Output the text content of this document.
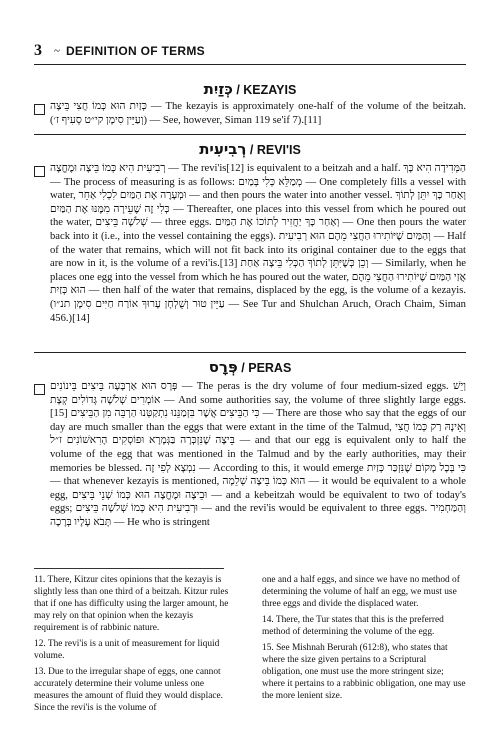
3 ~ DEFINITION OF TERMS
כְּזַיִת / KEZAYIS

כְּזַיִת הוּא כְּמוֹ חֲצִי בֵּיצָה — The kezayis is approximately one-half of the volume of the beitzah. (וְעַיֵּין סִימָן קי״ט סְעִיף ז׳) — See, however, Siman 119 se'if 7).[11]

רְבִיעִית / REVI'IS

רְבִיעִית הִיא כְּמוֹ בֵּיצָה וּמֶחֱצָה — The revi'is[12] is equivalent to a beitzah and a half. הַמְּדִידָה הִיא כָּךְ — The process of measuring is as follows: מְמַלֵּא כְּלִי בְּמַיִם — One completely fills a vessel with water, וּמְעָרֶה אֶת הַמַּיִם לִכְלִי אַחֵר — and then pours the water into another vessel. וְאַחַר כָּךְ יִתֵּן לְתוֹךְ כְּלִי זֶה שֶׁעֵירָה מִמֶּנּוּ אֶת הַמַּיִם — Thereafter, one places into this vessel from which he poured out the water, שְׁלֹשָׁה בֵּיצִים — three eggs. וְאַחַר כָּךְ יַחֲזִיר לְתוֹכוֹ אֶת הַמַּיִם — One then pours the water back into it (i.e., into the vessel containing the eggs). וְהַמַּיִם שֶׁיּוֹתִירוּ הַחֲצִי מֵהֶם הוּא רְבִיעִית — Half of the water that remains, which will not fit back into its original container due to the eggs that are now in it, is the volume of a revi'is.[13] וְכֵן כְּשֶׁיִּתֵּן לְתוֹךְ הַכְּלִי בֵּיצָה אַחַת — Similarly, when he places one egg into the vessel from which he has poured out the water, אֲזַי הַמַּיִם שֶׁיּוֹתִירוּ הַחֲצִי מֵהֶם הוּא כְּזַיִת — then half of the water that remains, displaced by the egg, is the volume of a kezayis. (עַיֵּין טוּר וְשֻׁלְחָן עָרוּךְ אוֹרַח חַיִּים סִימָן תנ״ו — See Tur and Shulchan Aruch, Orach Chaim, Siman 456.)[14]

פְּרָס / PERAS

פְּרָס הוּא אַרְבָּעָה בֵּיצִים בֵּינוֹנִים — The peras is the dry volume of four medium-sized eggs. וְיֵשׁ אוֹמְרִים שְׁלֹשָׁה גְּדוֹלִים קְצָת — And some authorities say, the volume of three slightly large eggs.[15] כִּי הַבֵּיצִים אֲשֶׁר בִּזְמַנֵּנוּ נִתְקַטְּנוּ הַרְבֵּה מִן הַבֵּיצִים — There are those who say that the eggs of our day are much smaller than the eggs that were extant in the time of the Talmud, וְאֵינָהּ רַק כְּמוֹ חֲצִי בֵּיצָה שֶׁנִּזְכְּרָה בַּגְּמָרָא וּפוֹסְקִים הָרִאשׁוֹנִים ז״ל — and that our egg is equivalent only to half the volume of the egg that was mentioned in the Talmud and by the early authorities, may their memories be blessed. נִמְצָא לְפִי זֶה — According to this, it would emerge כִּי בְּכָל מָקוֹם שֶׁנִּזְכַּר כְּזַיִת — that whenever kezayis is mentioned, הוּא כְּמוֹ בֵּיצָה שְׁלֵמָה — it would be equivalent to a whole egg, וּבֵיצָה וּמֶחֱצָה הוּא כְּמוֹ שְׁנֵי בֵּיצִים — and a kebeitzah would be equivalent to two of today's eggs; וּרְבִיעִית הִיא כְּמוֹ שְׁלֹשָׁה בֵּיצִים — and the revi'is would be equivalent to three eggs. וְהַמַּחְמִיר תָּבֹא עָלָיו בְּרָכָה — He who is stringent

11. There, Kitzur cites opinions that the kezayis is slightly less than one third of a beitzah. Kitzur rules that if one has difficulty using the larger amount, he may rely on that opinion when the kezayis requirement is of rabbinic nature.

12. The revi'is is a unit of measurement for liquid volume.

13. Due to the irregular shape of eggs, one cannot accurately determine their volume unless one measures the amount of fluid they would displace. Since the revi'is is the volume of

one and a half eggs, and since we have no method of determining the volume of half an egg, we must use three eggs and divide the displaced water.

14. There, the Tur states that this is the preferred method of determining the volume of the egg.

15. See Mishnah Berurah (612:8), who states that where the size given pertains to a Scriptural obligation, one must use the more stringent size; where it pertains to a rabbinic obligation, one may use the more lenient size.
